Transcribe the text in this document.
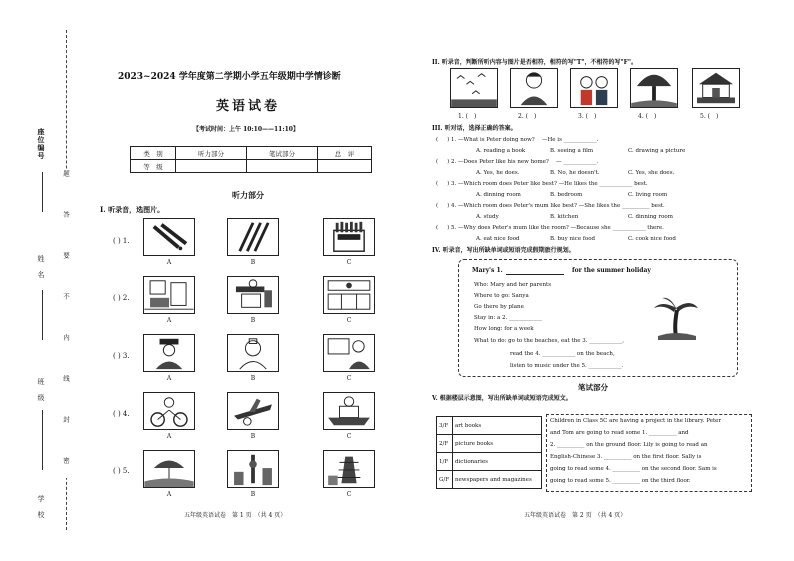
座位编号
姓　名
班　级
学　校
题　答　要　不　内　线　封　密
2023~2024 学年度第二学期小学五年级期中学情诊断
英语试卷
【考试时间：上午 10:10——11:10】
类　别	听力部分	笔试部分	总　评
等　级			
听力部分
I. 听录音，选图片。
( ) 1.
( ) 2.
( ) 3.
( ) 4.
( ) 5.
A	B	C
A	B	C
A	B	C
A	B	C
A	B	C
五年级英语试卷　第 1 页　（共 4 页）
II. 听录音，判断所听内容与图片是否相符，相符的写"T"，不相符的写"F"。
1. (　)	2. (　)	3. (　)	4. (　)	5. (　)
III. 听对话，选择正确的答案。
( 　 ) 1. —What is Peter doing now? 　—He is ____________.
A. reading a book	B. seeing a film	C. drawing a picture
( 　 ) 2. —Does Peter like his new home? 　— ____________.
A. Yes, he does.	B. No, he doesn't.	C. Yes, she does.
( 　 ) 3. —Which room does Peter like best? —He likes the ____________ best.
A. dinning room	B. bedroom	C. living room
( 　 ) 4. —Which room does Peter's mum like best? —She likes the __________ best.
A. study	B. kitchen	C. dinning room
( 　 ) 5. —Why does Peter's mum like the room? —Because she ____________ there.
A. eat nice food	B. buy nice food	C. cook nice food
IV. 听录音，写出所缺单词或短语完成假期旅行规划。
Mary's 1.	for the summer holiday
Who: Mary and her parents
Where to go: Sanya
Go there by plane
Stay in: a 2. ____________
How long: for a week
What to do: go to the beaches, eat the 3. ____________,
read the 4. ____________ on the beach,
listen to music under the 5. ____________.
笔试部分
V. 根据楼层示意图，写出所缺单词或短语完成短文。
3/F	art books
2/F	picture books
1/F	dictionaries
G/F	newspapers and magazines
Children in Class 5C are having a project in the library. Peter
and Tom are going to read some 1. __________ and
2. __________ on the ground floor. Lily is going to read an
English-Chinese 3. __________ on the first floor. Sally is
going to read some 4. __________ on the second floor. Sam is
going to read some 5. __________ on the third floor.
五年级英语试卷　第 2 页　（共 4 页）
